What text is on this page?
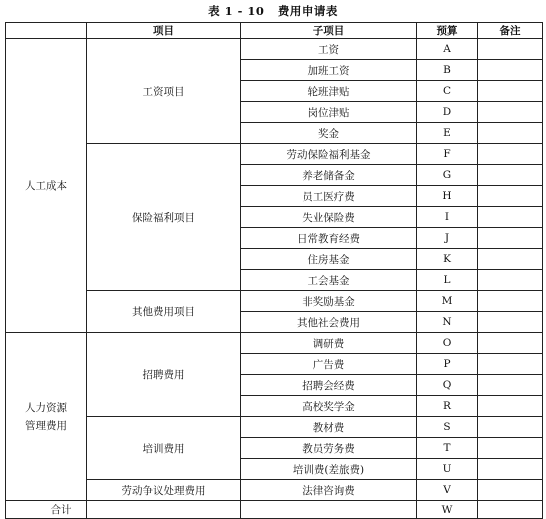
表 1 - 10   费用申请表
	项目	子项目	预算	备注
人工成本	工资项目	工资	A	
		加班工资	B	
		轮班津贴	C	
		岗位津贴	D	
		奖金	E	
	保险福利项目	劳动保险福利基金	F	
		养老储备金	G	
		员工医疗费	H	
		失业保险费	I	
		日常教育经费	J	
		住房基金	K	
		工会基金	L	
	其他费用项目	非奖励基金	M	
		其他社会费用	N	
人力资源
管理费用	招聘费用	调研费	O	
		广告费	P	
		招聘会经费	Q	
		高校奖学金	R	
	培训费用	教材费	S	
		教员劳务费	T	
		培训费(差旅费)	U	
	劳动争议处理费用	法律咨询费	V	
合计			W	
